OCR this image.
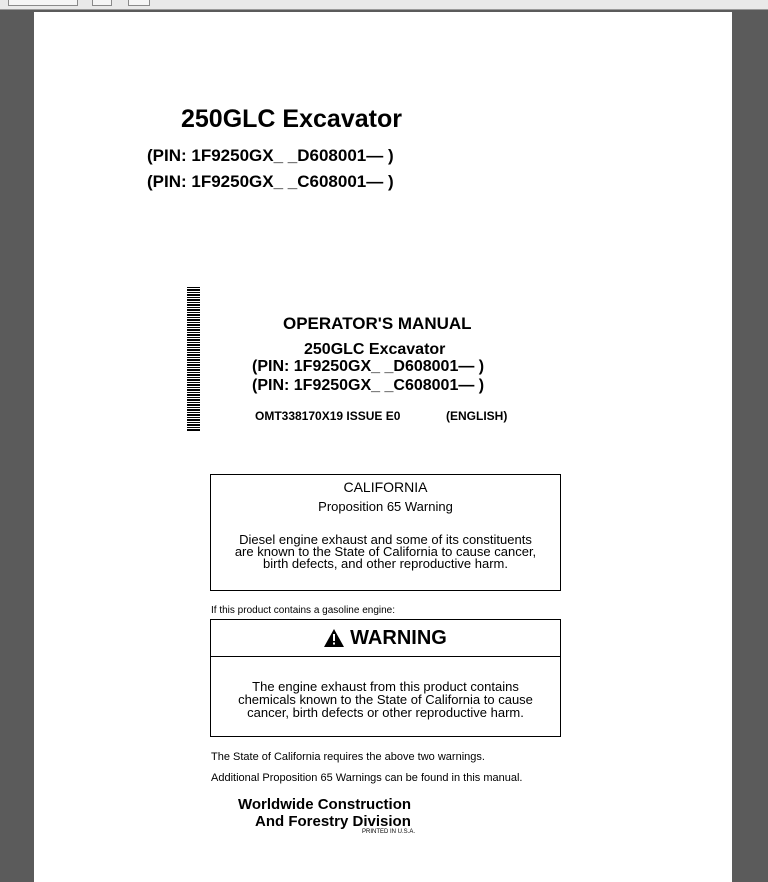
250GLC Excavator
(PIN: 1F9250GX_ _D608001— )
(PIN: 1F9250GX_ _C608001— )
OPERATOR'S MANUAL
250GLC Excavator
(PIN: 1F9250GX_ _D608001— )
(PIN: 1F9250GX_ _C608001— )
OMT338170X19 ISSUE E0	(ENGLISH)
CALIFORNIA
Proposition 65 Warning
Diesel engine exhaust and some of its constituents
are known to the State of California to cause cancer,
birth defects, and other reproductive harm.
If this product contains a gasoline engine:
WARNING
The engine exhaust from this product contains
chemicals known to the State of California to cause
cancer, birth defects or other reproductive harm.
The State of California requires the above two warnings.
Additional Proposition 65 Warnings can be found in this manual.
Worldwide Construction
And Forestry Division
PRINTED IN U.S.A.
